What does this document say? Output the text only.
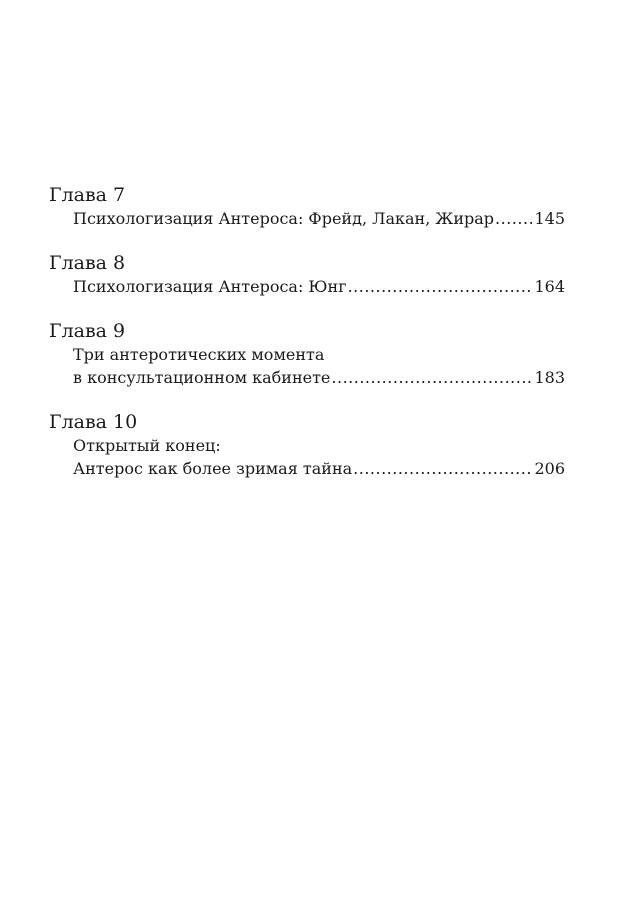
Глава 7
Психологизация Антероса: Фрейд, Лакан, Жирар .....	145
Глава 8
Психологизация Антероса: Юнг .....	164
Глава 9
Три антеротических момента
в консультационном кабинете .....	183
Глава 10
Открытый конец:
Антерос как более зримая тайна .....	206
